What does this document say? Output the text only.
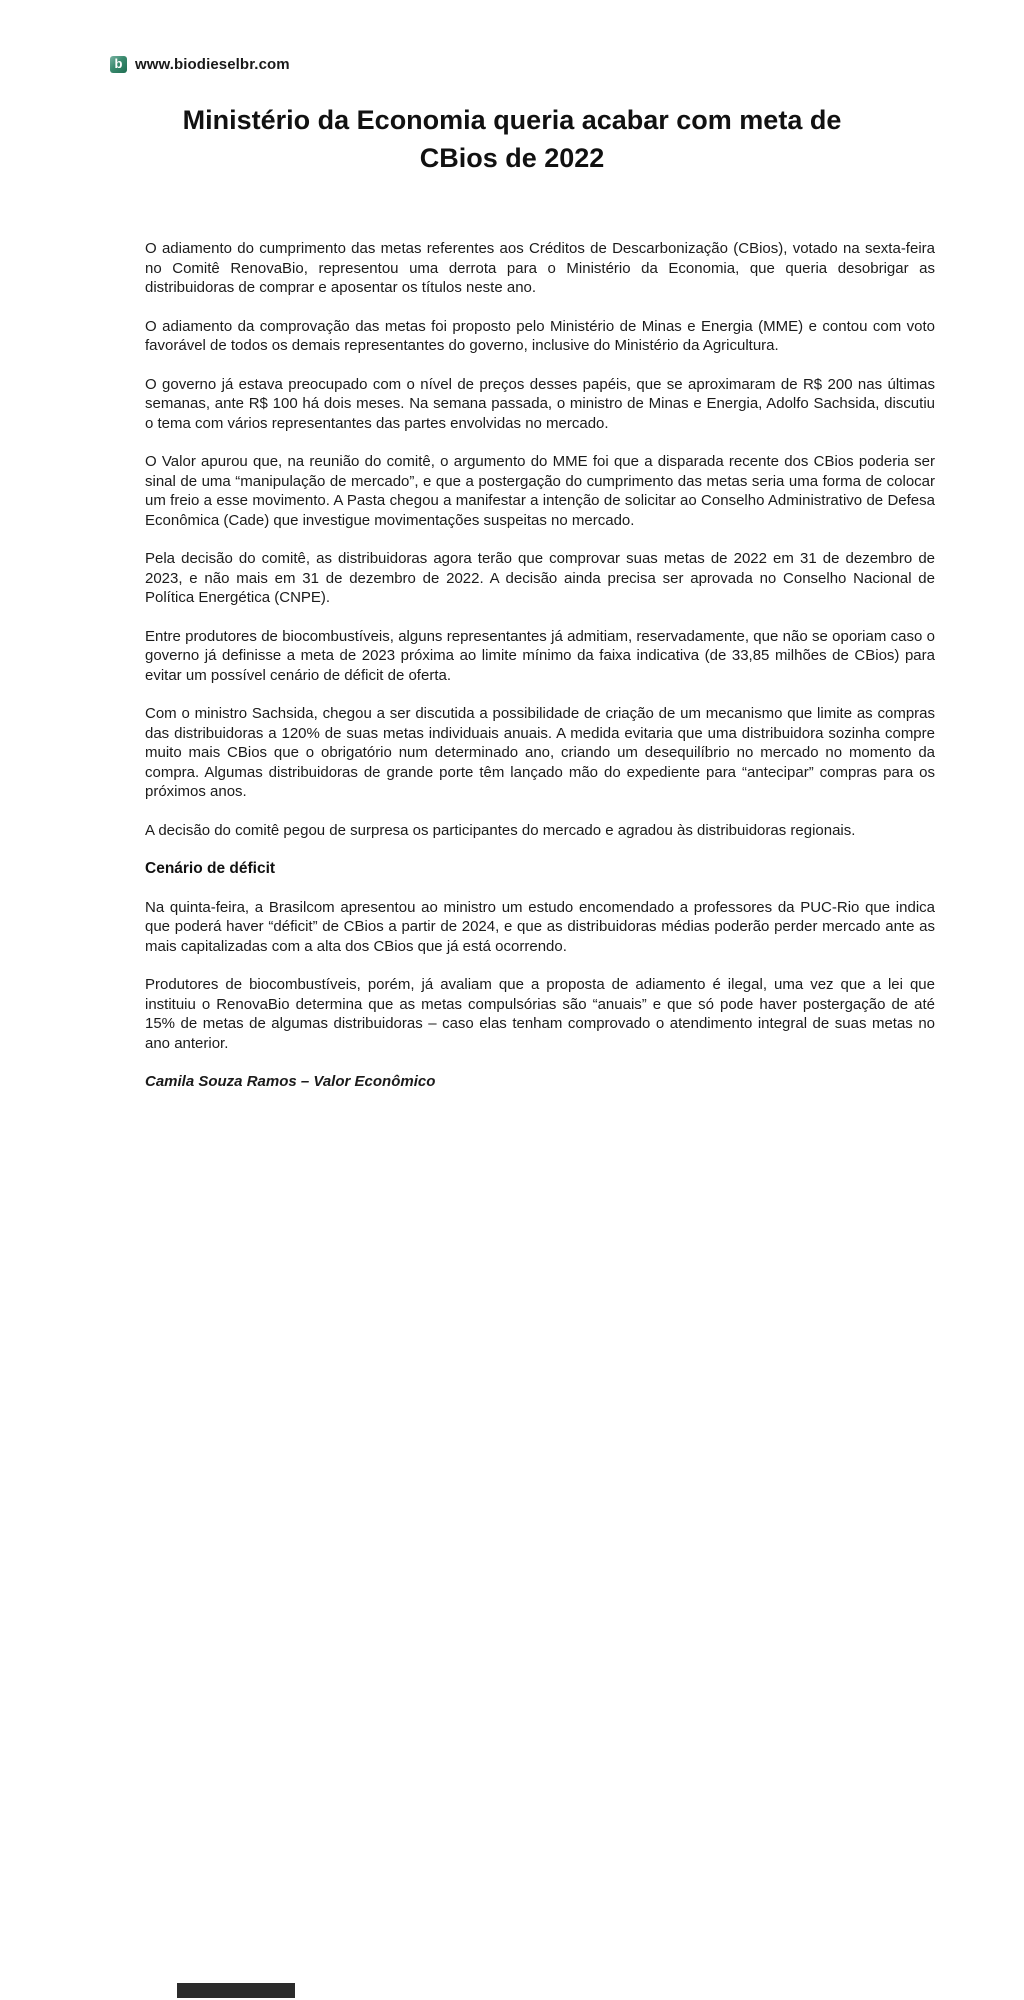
b www.biodieselbr.com
Ministério da Economia queria acabar com meta de
CBios de 2022

O adiamento do cumprimento das metas referentes aos Créditos de Descarbonização (CBios), votado na sexta-feira no Comitê RenovaBio, representou uma derrota para o Ministério da Economia, que queria desobrigar as distribuidoras de comprar e aposentar os títulos neste ano.

O adiamento da comprovação das metas foi proposto pelo Ministério de Minas e Energia (MME) e contou com voto favorável de todos os demais representantes do governo, inclusive do Ministério da Agricultura.

O governo já estava preocupado com o nível de preços desses papéis, que se aproximaram de R$ 200 nas últimas semanas, ante R$ 100 há dois meses. Na semana passada, o ministro de Minas e Energia, Adolfo Sachsida, discutiu o tema com vários representantes das partes envolvidas no mercado.

O Valor apurou que, na reunião do comitê, o argumento do MME foi que a disparada recente dos CBios poderia ser sinal de uma “manipulação de mercado”, e que a postergação do cumprimento das metas seria uma forma de colocar um freio a esse movimento. A Pasta chegou a manifestar a intenção de solicitar ao Conselho Administrativo de Defesa Econômica (Cade) que investigue movimentações suspeitas no mercado.

Pela decisão do comitê, as distribuidoras agora terão que comprovar suas metas de 2022 em 31 de dezembro de 2023, e não mais em 31 de dezembro de 2022. A decisão ainda precisa ser aprovada no Conselho Nacional de Política Energética (CNPE).

Entre produtores de biocombustíveis, alguns representantes já admitiam, reservadamente, que não se oporiam caso o governo já definisse a meta de 2023 próxima ao limite mínimo da faixa indicativa (de 33,85 milhões de CBios) para evitar um possível cenário de déficit de oferta.

Com o ministro Sachsida, chegou a ser discutida a possibilidade de criação de um mecanismo que limite as compras das distribuidoras a 120% de suas metas individuais anuais. A medida evitaria que uma distribuidora sozinha compre muito mais CBios que o obrigatório num determinado ano, criando um desequilíbrio no mercado no momento da compra. Algumas distribuidoras de grande porte têm lançado mão do expediente para “antecipar” compras para os próximos anos.

A decisão do comitê pegou de surpresa os participantes do mercado e agradou às distribuidoras regionais.

Cenário de déficit

Na quinta-feira, a Brasilcom apresentou ao ministro um estudo encomendado a professores da PUC-Rio que indica que poderá haver “déficit” de CBios a partir de 2024, e que as distribuidoras médias poderão perder mercado ante as mais capitalizadas com a alta dos CBios que já está ocorrendo.

Produtores de biocombustíveis, porém, já avaliam que a proposta de adiamento é ilegal, uma vez que a lei que instituiu o RenovaBio determina que as metas compulsórias são “anuais” e que só pode haver postergação de até 15% de metas de algumas distribuidoras – caso elas tenham comprovado o atendimento integral de suas metas no ano anterior.

Camila Souza Ramos – Valor Econômico
